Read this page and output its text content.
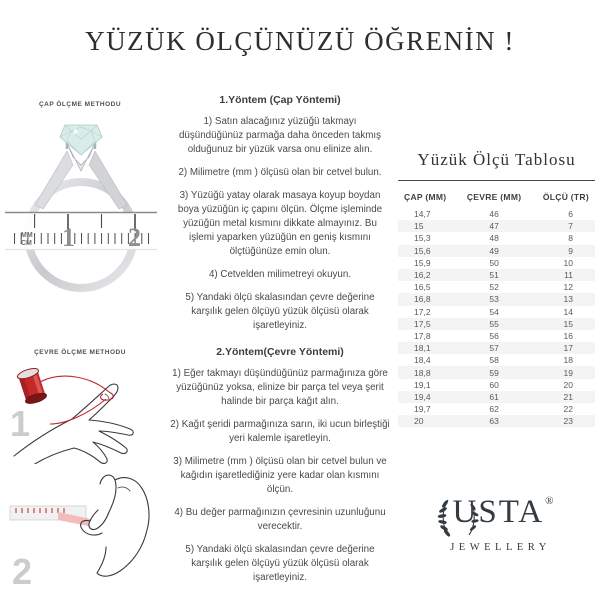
YÜZÜK ÖLÇÜNÜZÜ ÖĞRENİN !
ÇAP ÖLÇME METHODU
MM
CM 1 2
ÇEVRE ÖLÇME METHODU
1
2
1.Yöntem (Çap Yöntemi)

1) Satın alacağınız yüzüğü takmayı düşündüğünüz parmağa daha önceden takmış olduğunuz bir yüzük varsa onu elinize alın.

2) Milimetre (mm ) ölçüsü olan bir cetvel bulun.

3) Yüzüğü yatay olarak masaya koyup boydan boya yüzüğün iç çapını ölçün. Ölçme işleminde yüzüğün metal kısmını dikkate almayınız. Bu işlemi yaparken yüzüğün en geniş kısmını ölçtüğünüze emin olun.

4) Cetvelden milimetreyi okuyun.

5) Yandaki ölçü skalasından çevre değerine karşılık gelen ölçüyü yüzük ölçüsü olarak işaretleyiniz.

2.Yöntem(Çevre Yöntemi)

1) Eğer takmayı düşündüğünüz parmağınıza göre yüzüğünüz yoksa, elinize bir parça tel veya şerit halinde bir parça kağıt alın.

2) Kağıt şeridi parmağınıza sarın, iki ucun birleştiği yeri kalemle işaretleyin.

3) Milimetre (mm ) ölçüsü olan bir cetvel bulun ve kağıdın işaretlediğiniz yere kadar olan kısmını ölçün.

4) Bu değer parmağınızın çevresinin uzunluğunu verecektir.

5) Yandaki ölçü skalasından çevre değerine karşılık gelen ölçüyü yüzük ölçüsü olarak işaretleyiniz.

Yüzük Ölçü Tablosu
ÇAP (MM)	ÇEVRE (MM)	ÖLÇÜ (TR)
14,7	46	6
15	47	7
15,3	48	8
15,6	49	9
15,9	50	10
16,2	51	11
16,5	52	12
16,8	53	13
17,2	54	14
17,5	55	15
17,8	56	16
18,1	57	17
18,4	58	18
18,8	59	19
19,1	60	20
19,4	61	21
19,7	62	22
20	63	23
USTA®
JEWELLERY
